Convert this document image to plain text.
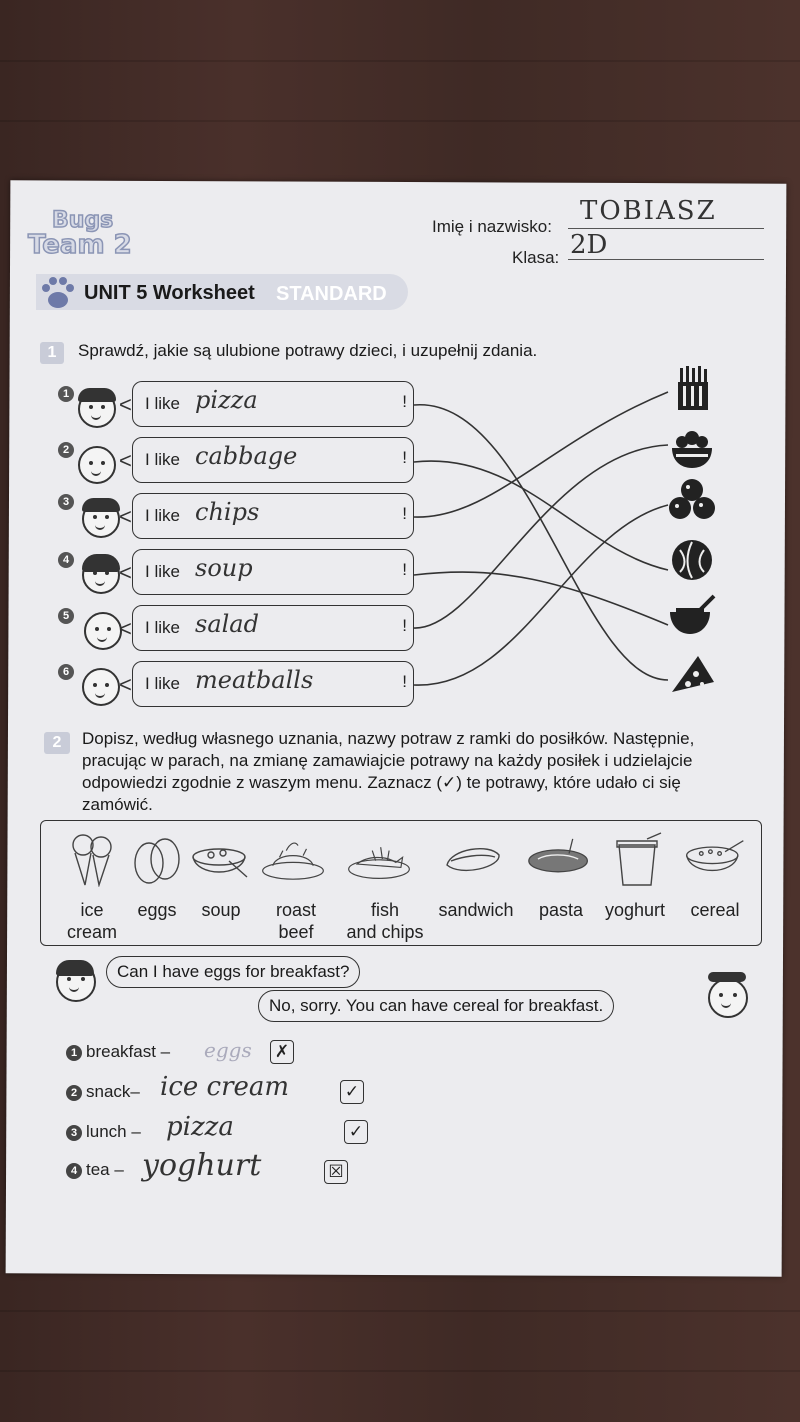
Bugs
Team 2
Imię i nazwisko:
TOBIASZ
Klasa: 2D
UNIT 5 Worksheet STANDARD
1	Sprawdź, jakie są ulubione potrawy dzieci, i uzupełnij zdania.
1 < I like pizza	!
2 < I like cabbage	!
3
< I like chips	!
4 < I like soup	!
5 < I like salad	!
6 < I like meatballs	!
2	Dopisz, według własnego uznania, nazwy potraw z ramki do posiłków. Następnie,
pracując w parach, na zmianę zamawiajcie potrawy na każdy posiłek i udzielajcie
odpowiedzi zgodnie z waszym menu. Zaznacz (✓) te potrawy, które udało ci się
zamówić.
ice
cream
eggs	soup	roast
beef
fish
and chips
sandwich	pasta	yoghurt	cereal
Can I have eggs for breakfast?
No, sorry. You can have cereal for breakfast.
1 breakfast – eggs ✗
2 snack– ice cream	✓
3 lunch – pizza	✓
4 tea – yoghurt	☒
